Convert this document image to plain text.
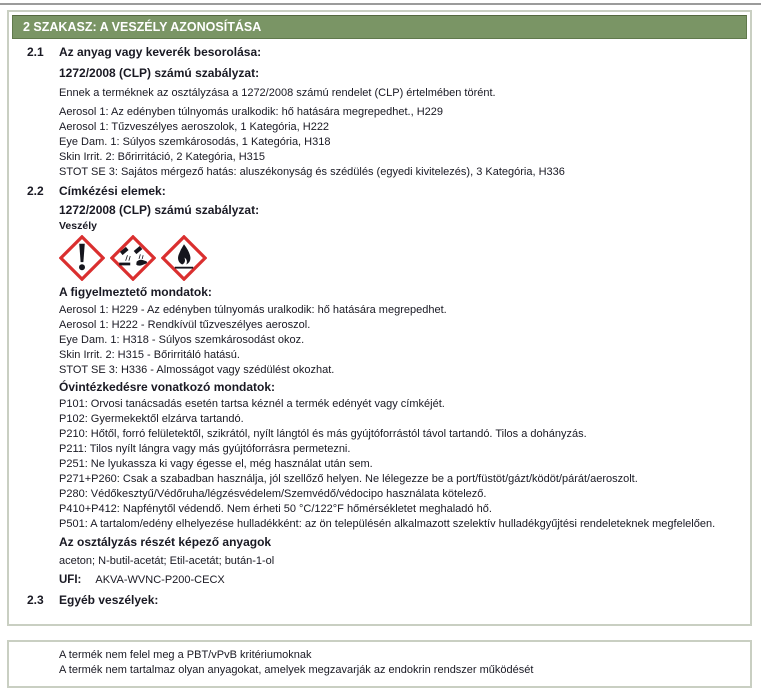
2 SZAKASZ: A VESZÉLY AZONOSÍTÁSA
2.1	Az anyag vagy keverék besorolása:
1272/2008 (CLP) számú szabályzat:
Ennek a terméknek az osztályzása a 1272/2008 számú rendelet (CLP) értelmében törént.
Aerosol 1: Az edényben túlnyomás uralkodik: hő hatására megrepedhet., H229
Aerosol 1: Tűzveszélyes aeroszolok, 1 Kategória, H222
Eye Dam. 1: Súlyos szemkárosodás, 1 Kategória, H318
Skin Irrit. 2: Bőrirritáció, 2 Kategória, H315
STOT SE 3: Sajátos mérgező hatás: aluszékonyság és szédülés (egyedi kivitelezés), 3 Kategória, H336
2.2	Címkézési elemek:
1272/2008 (CLP) számú szabályzat:
Veszély
A figyelmeztető mondatok:
Aerosol 1: H229 - Az edényben túlnyomás uralkodik: hő hatására megrepedhet.
Aerosol 1: H222 - Rendkívül tűzveszélyes aeroszol.
Eye Dam. 1: H318 - Súlyos szemkárosodást okoz.
Skin Irrit. 2: H315 - Bőrirritáló hatású.
STOT SE 3: H336 - Almosságot vagy szédülést okozhat.
Óvintézkedésre vonatkozó mondatok:
P101: Orvosi tanácsadás esetén tartsa kéznél a termék edényét vagy címkéjét.
P102: Gyermekektől elzárva tartandó.
P210: Hőtől, forró felületektől, szikrától, nyílt lángtól és más gyújtóforrástól távol tartandó. Tilos a dohányzás.
P211: Tilos nyílt lángra vagy más gyújtóforrásra permetezni.
P251: Ne lyukassza ki vagy égesse el, még használat után sem.
P271+P260: Csak a szabadban használja, jól szellőző helyen. Ne lélegezze be a port/füstöt/gázt/ködöt/párát/aeroszolt.
P280: Védőkesztyű/Védőruha/légzésvédelem/Szemvédő/védocipo használata kötelező.
P410+P412: Napfénytől védendő. Nem érheti 50 °C/122°F hőmérsékletet meghaladó hő.
P501: A tartalom/edény elhelyezése hulladékként: az ön településén alkalmazott szelektív hulladékgyűjtési rendeleteknek megfelelően.
Az osztályzás részét képező anyagok
aceton; N-butil-acetát; Etil-acetát; bután-1-ol
UFI: AKVA-WVNC-P200-CECX
2.3	Egyéb veszélyek:
A termék nem felel meg a PBT/vPvB kritériumoknak
A termék nem tartalmaz olyan anyagokat, amelyek megzavarják az endokrin rendszer működését
